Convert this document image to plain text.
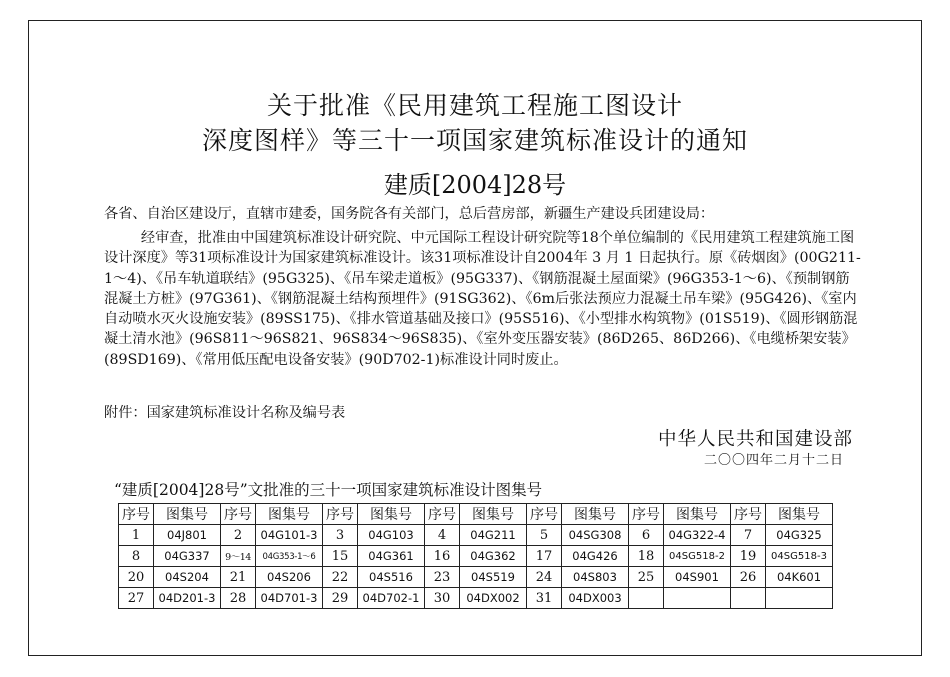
关于批准《民用建筑工程施工图设计
深度图样》等三十一项国家建筑标准设计的通知
建质[2004]28号
各省、自治区建设厅，直辖市建委，国务院各有关部门，总后营房部，新疆生产建设兵团建设局：
经审查，批准由中国建筑标准设计研究院、中元国际工程设计研究院等18个单位编制的《民用建筑工程建筑施工图设计深度》等31项标准设计为国家建筑标准设计。该31项标准设计自2004年 3 月 1 日起执行。原《砖烟囱》(00G211-1～4)、《吊车轨道联结》(95G325)、《吊车梁走道板》(95G337)、《钢筋混凝土屋面梁》(96G353-1～6)、《预制钢筋混凝土方桩》(97G361)、《钢筋混凝土结构预埋件》(91SG362)、《6m后张法预应力混凝土吊车梁》(95G426)、《室内自动喷水灭火设施安装》(89SS175)、《排水管道基础及接口》(95S516)、《小型排水构筑物》(01S519)、《圆形钢筋混凝土清水池》(96S811～96S821、96S834～96S835)、《室外变压器安装》(86D265、86D266)、《电缆桥架安装》(89SD169)、《常用低压配电设备安装》(90D702-1)标准设计同时废止。
附件：国家建筑标准设计名称及编号表
中华人民共和国建设部
二〇〇四年二月十二日
“建质[2004]28号”文批准的三十一项国家建筑标准设计图集号
序号	图集号	序号	图集号	序号	图集号	序号	图集号	序号	图集号	序号	图集号	序号	图集号
1	04J801	2	04G101-3	3	04G103	4	04G211	5	04SG308	6	04G322-4	7	04G325
8	04G337	9～14	04G353-1～6	15	04G361	16	04G362	17	04G426	18	04SG518-2	19	04SG518-3
20	04S204	21	04S206	22	04S516	23	04S519	24	04S803	25	04S901	26	04K601
27	04D201-3	28	04D701-3	29	04D702-1	30	04DX002	31	04DX003				
